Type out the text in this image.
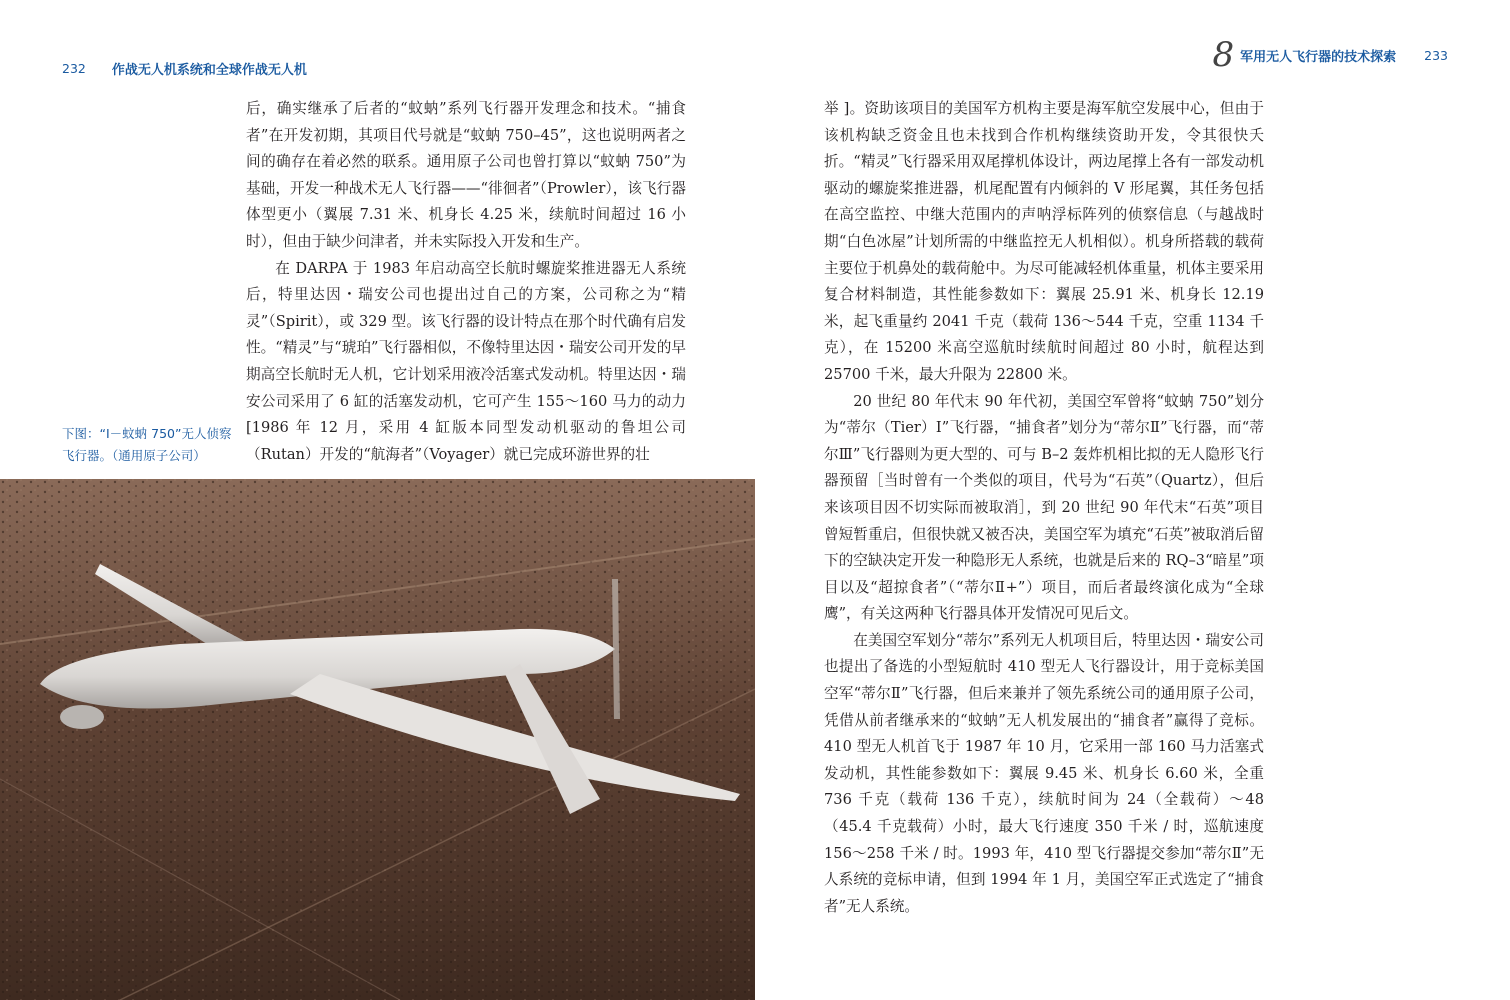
232 作战无人机系统和全球作战无人机	8 军用无人飞行器的技术探索 233

后，确实继承了后者的“蚊蚋”系列飞行器开发理念和技术。“捕食者”在开发初期，其项目代号就是“蚊蚋 750–45”，这也说明两者之间的确存在着必然的联系。通用原子公司也曾打算以“蚊蚋 750”为基础，开发一种战术无人飞行器——“徘徊者”（Prowler），该飞行器体型更小（翼展 7.31 米、机身长 4.25 米，续航时间超过 16 小时），但由于缺少问津者，并未实际投入开发和生产。

在 DARPA 于 1983 年启动高空长航时螺旋桨推进器无人系统后，特里达因・瑞安公司也提出过自己的方案，公司称之为“精灵”（Spirit），或 329 型。该飞行器的设计特点在那个时代确有启发性。“精灵”与“琥珀”飞行器相似，不像特里达因・瑞安公司开发的早期高空长航时无人机，它计划采用液冷活塞式发动机。特里达因・瑞安公司采用了 6 缸的活塞发动机，它可产生 155～160 马力的动力 [1986 年 12 月，采用 4 缸版本同型发动机驱动的鲁坦公司（Rutan）开发的“航海者”（Voyager）就已完成环游世界的壮

下图：“Ⅰ－蚊蚋 750”无人侦察飞行器。（通用原子公司）

举 ]。资助该项目的美国军方机构主要是海军航空发展中心，但由于该机构缺乏资金且也未找到合作机构继续资助开发，令其很快夭折。“精灵”飞行器采用双尾撑机体设计，两边尾撑上各有一部发动机驱动的螺旋桨推进器，机尾配置有内倾斜的 V 形尾翼，其任务包括在高空监控、中继大范围内的声呐浮标阵列的侦察信息（与越战时期“白色冰屋”计划所需的中继监控无人机相似）。机身所搭载的载荷主要位于机鼻处的载荷舱中。为尽可能减轻机体重量，机体主要采用复合材料制造，其性能参数如下：翼展 25.91 米、机身长 12.19 米，起飞重量约 2041 千克（载荷 136～544 千克，空重 1134 千克），在 15200 米高空巡航时续航时间超过 80 小时，航程达到 25700 千米，最大升限为 22800 米。

20 世纪 80 年代末 90 年代初，美国空军曾将“蚊蚋 750”划分为“蒂尔（Tier）Ⅰ”飞行器，“捕食者”划分为“蒂尔Ⅱ”飞行器，而“蒂尔Ⅲ”飞行器则为更大型的、可与 B–2 轰炸机相比拟的无人隐形飞行器预留［当时曾有一个类似的项目，代号为“石英”（Quartz），但后来该项目因不切实际而被取消］，到 20 世纪 90 年代末“石英”项目曾短暂重启，但很快就又被否决，美国空军为填充“石英”被取消后留下的空缺决定开发一种隐形无人系统，也就是后来的 RQ–3“暗星”项目以及“超掠食者”（“蒂尔Ⅱ+”）项目，而后者最终演化成为“全球鹰”，有关这两种飞行器具体开发情况可见后文。

在美国空军划分“蒂尔”系列无人机项目后，特里达因・瑞安公司也提出了备选的小型短航时 410 型无人飞行器设计，用于竞标美国空军“蒂尔Ⅱ”飞行器，但后来兼并了领先系统公司的通用原子公司，凭借从前者继承来的“蚊蚋”无人机发展出的“捕食者”赢得了竞标。410 型无人机首飞于 1987 年 10 月，它采用一部 160 马力活塞式发动机，其性能参数如下：翼展 9.45 米、机身长 6.60 米，全重 736 千克（载荷 136 千克），续航时间为 24（全载荷）～48（45.4 千克载荷）小时，最大飞行速度 350 千米 / 时，巡航速度 156～258 千米 / 时。1993 年，410 型飞行器提交参加“蒂尔Ⅱ”无人系统的竞标申请，但到 1994 年 1 月，美国空军正式选定了“捕食者”无人系统。
